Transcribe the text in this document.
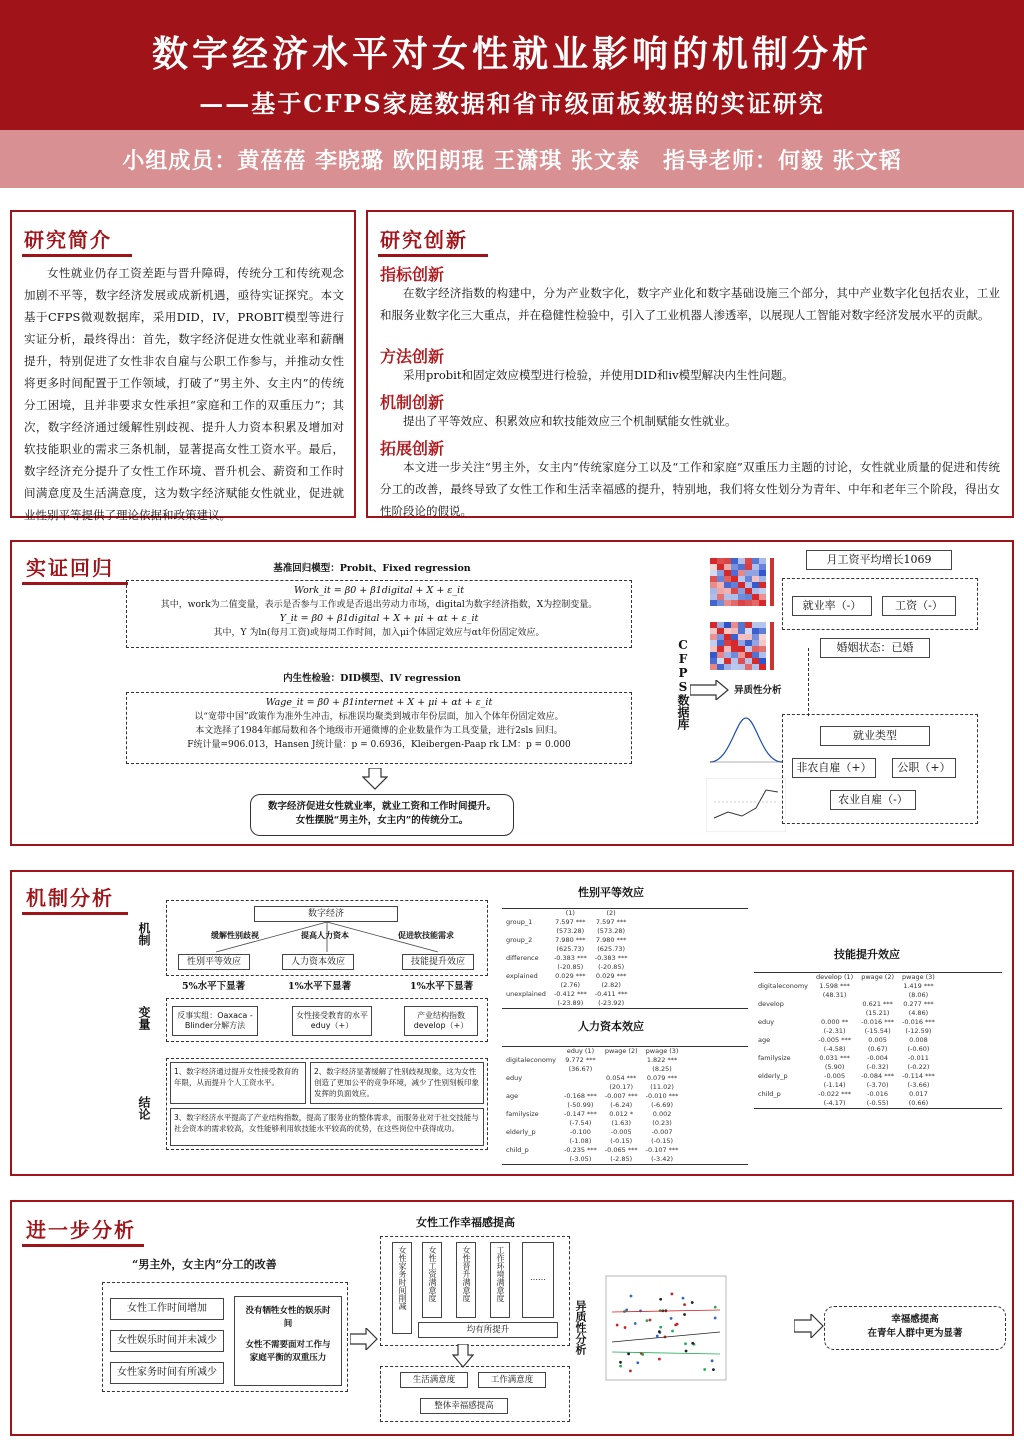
数字经济水平对女性就业影响的机制分析
——基于CFPS家庭数据和省市级面板数据的实证研究
小组成员：黄蓓蓓 李晓璐 欧阳朗琨 王潇琪 张文泰　指导老师：何毅 张文韬
研究简介
女性就业仍存工资差距与晋升障碍，传统分工和传统观念加剧不平等，数字经济发展或成新机遇，亟待实证探究。本文基于CFPS微观数据库，采用DID，IV，PROBIT模型等进行实证分析，最终得出：首先，数字经济促进女性就业率和薪酬提升，特别促进了女性非农自雇与公职工作参与，并推动女性将更多时间配置于工作领域，打破了“男主外、女主内”的传统分工困境，且并非要求女性承担“家庭和工作的双重压力”；其次，数字经济通过缓解性别歧视、提升人力资本积累及增加对软技能职业的需求三条机制，显著提高女性工资水平。最后，数字经济充分提升了女性工作环境、晋升机会、薪资和工作时间满意度及生活满意度，这为数字经济赋能女性就业，促进就业性别平等提供了理论依据和政策建议。
研究创新
指标创新
在数字经济指数的构建中，分为产业数字化，数字产业化和数字基础设施三个部分，其中产业数字化包括农业，工业和服务业数字化三大重点，并在稳健性检验中，引入了工业机器人渗透率，以展现人工智能对数字经济发展水平的贡献。
方法创新
采用probit和固定效应模型进行检验，并使用DID和iv模型解决内生性问题。
机制创新
提出了平等效应、积累效应和软技能效应三个机制赋能女性就业。
拓展创新
本文进一步关注“男主外，女主内”传统家庭分工以及“工作和家庭”双重压力主题的讨论，女性就业质量的促进和传统分工的改善，最终导致了女性工作和生活幸福感的提升，特别地，我们将女性划分为青年、中年和老年三个阶段，得出女性阶段论的假说。
实证回归	基准回归模型：Probit、Fixed regression
Work_it = β0 + β1digital + X + ε_it
其中，work为二值变量，表示是否参与工作或是否退出劳动力市场，digital为数字经济指数，X为控制变量。
Y_it = β0 + β1digital + X + μi + αt + ε_it
其中，Y 为ln(每月工资)或每周工作时间，加入μi个体固定效应与αt年份固定效应。
内生性检验：DID模型、IV regression
Wage_it = β0 + β1internet + X + μi + αt + ε_it
以“宽带中国”政策作为准外生冲击，标准误均聚类到城市年份层面，加入个体年份固定效应。
本文选择了1984年邮局数和各个地级市开通微博的企业数量作为工具变量，进行2sls 回归。
F统计量=906.013，Hansen J统计量：p = 0.6936，Kleibergen-Paap rk LM：p = 0.000
数字经济促进女性就业率，就业工资和工作时间提升。
女性摆脱“男主外，女主内”的传统分工。
CFPS数据库	异质性分析
月工资平均增长1069
就业率（-）	工资（-）
婚姻状态：已婚
就业类型
非农自雇（+）	公职（+）
农业自雇（-）
机制分析
机制
变量
结论
数字经济
缓解性别歧视	提高人力资本	促进软技能需求
性别平等效应	人力资本效应	技能提升效应
5%水平下显著	1%水平下显著	1%水平下显著
反事实组：Oaxaca - Blinder分解方法
女性接受教育的水平eduy（+）
产业结构指数 develop（+）
1、数字经济通过提升女性接受教育的年限，从而提升个人工资水平。
2、数字经济显著缓解了性别歧视现象，这为女性创造了更加公平的竞争环境，减少了性别刻板印象发挥的负面效应。
3、数字经济水平提高了产业结构指数，提高了服务业的整体需求，而服务业对于社交技能与社会资本的需求较高，女性能够利用软技能水平较高的优势，在这些岗位中获得成功。
性别平等效应
	(1)	(2)
group_1	7.597 ***	7.597 ***
	(573.28)	(573.28)
group_2	7.980 ***	7.980 ***
	(625.73)	(625.73)
difference	-0.383 ***	-0.383 ***
	(-20.85)	(-20.85)
explained	0.029 ***	0.029 ***
	(2.76)	(2.82)
unexplained	-0.412 ***	-0.411 ***
	(-23.89)	(-23.92)
人力资本效应
	eduy (1)	pwage (2)	pwage (3)
digitaleconomy	9.772 ***		1.822 ***
	(36.67)		(8.25)
eduy		0.054 ***	0.079 ***
		(20.17)	(11.02)
age	-0.168 ***	-0.007 ***	-0.010 ***
	(-50.99)	(-6.24)	(-6.69)
familysize	-0.147 ***	0.012 *	0.002
	(-7.54)	(1.63)	(0.23)
elderly_p	-0.100	-0.005	-0.007
	(-1.08)	(-0.15)	(-0.15)
child_p	-0.235 ***	-0.065 ***	-0.107 ***
	(-3.05)	(-2.85)	(-3.42)
技能提升效应
	develop (1)	pwage (2)	pwage (3)
digitaleconomy	1.598 ***		1.419 ***
	(48.31)		(8.06)
develop		0.621 ***	0.277 ***
		(15.21)	(4.86)
eduy	0.000 **	-0.016 ***	-0.016 ***
	(-2.31)	(-15.54)	(-12.59)
age	-0.005 ***	0.005	0.008
	(-4.58)	(0.67)	(-0.60)
familysize	0.031 ***	-0.004	-0.011
	(5.90)	(-0.32)	(-0.22)
elderly_p	-0.005	-0.084 ***	-0.114 ***
	(-1.14)	(-3.70)	(-3.66)
child_p	-0.022 ***	-0.016	0.017
	(-4.17)	(-0.55)	(0.66)
进一步分析
“男主外，女主内”分工的改善
女性工作时间增加
女性娱乐时间并未减少
女性家务时间有所减少
没有牺牲女性的娱乐时间
女性不需要面对工作与家庭平衡的双重压力
女性工作幸福感提高
女性家务时间削减	女性工资满意度	女性晋升满意度	工作环境满意度	……
均有所提升
生活满意度	工作满意度
整体幸福感提高
异质性分析	幸福感提高
在青年人群中更为显著
